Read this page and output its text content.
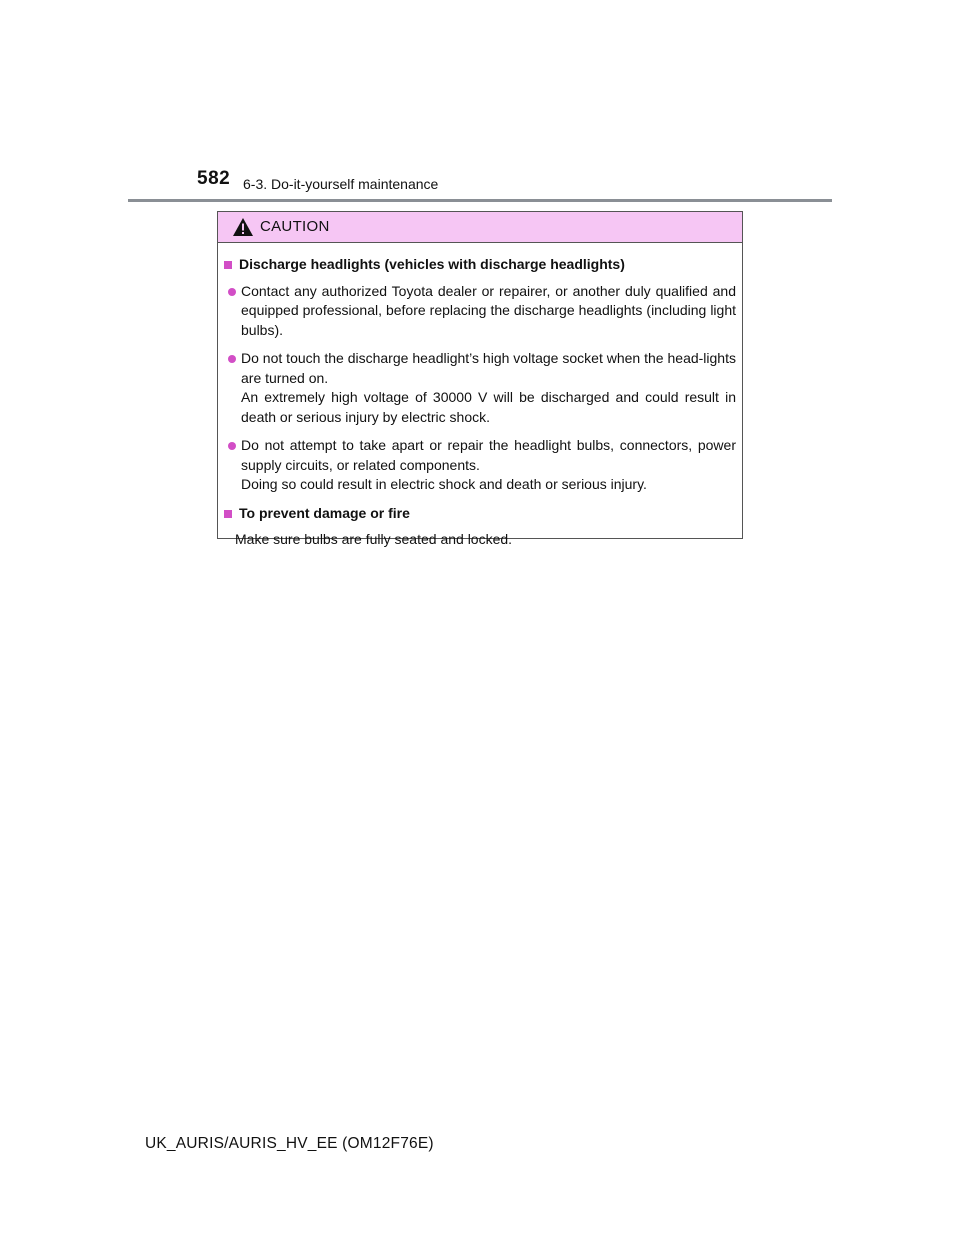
582 6-3. Do-it-yourself maintenance
CAUTION
Discharge headlights (vehicles with discharge headlights)
Contact any authorized Toyota dealer or repairer, or another duly qualified and equipped professional, before replacing the discharge headlights (including light bulbs).
Do not touch the discharge headlight’s high voltage socket when the head-lights are turned on.
An extremely high voltage of 30000 V will be discharged and could result in death or serious injury by electric shock.
Do not attempt to take apart or repair the headlight bulbs, connectors, power supply circuits, or related components.
Doing so could result in electric shock and death or serious injury.
To prevent damage or fire
Make sure bulbs are fully seated and locked.
UK_AURIS/AURIS_HV_EE (OM12F76E)
